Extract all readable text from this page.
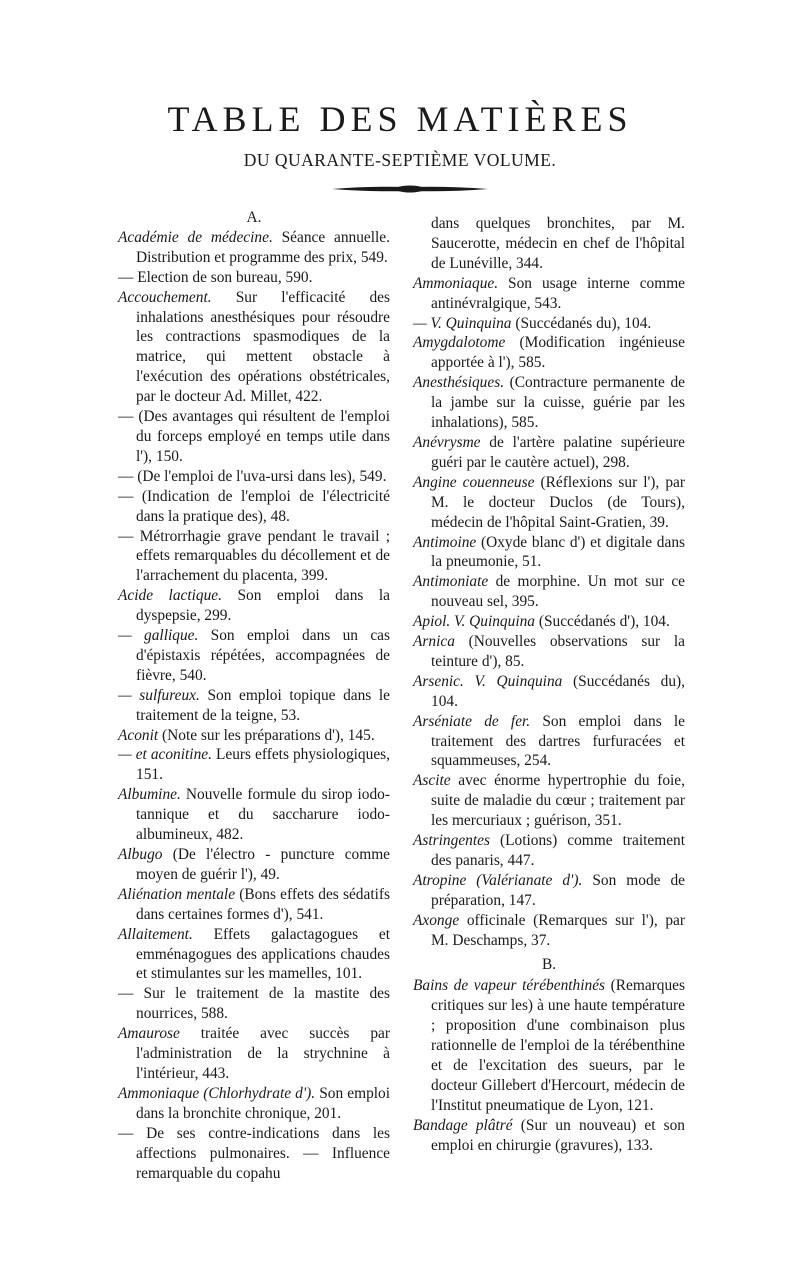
TABLE DES MATIÈRES
DU QUARANTE-SEPTIÈME VOLUME.

A.

Académie de médecine. Séance annuelle. Distribution et programme des prix, 549.

— Election de son bureau, 590.

Accouchement. Sur l'efficacité des inhalations anesthésiques pour résoudre les contractions spasmodiques de la matrice, qui mettent obstacle à l'exécution des opérations obstétricales, par le docteur Ad. Millet, 422.

— (Des avantages qui résultent de l'emploi du forceps employé en temps utile dans l'), 150.

— (De l'emploi de l'uva-ursi dans les), 549.

— (Indication de l'emploi de l'électricité dans la pratique des), 48.

— Métrorrhagie grave pendant le travail ; effets remarquables du décollement et de l'arrachement du placenta, 399.

Acide lactique. Son emploi dans la dyspepsie, 299.

— gallique. Son emploi dans un cas d'épistaxis répétées, accompagnées de fièvre, 540.

— sulfureux. Son emploi topique dans le traitement de la teigne, 53.

Aconit (Note sur les préparations d'), 145.

— et aconitine. Leurs effets physiologiques, 151.

Albumine. Nouvelle formule du sirop iodo-tannique et du saccharure iodo-albumineux, 482.

Albugo (De l'électro - puncture comme moyen de guérir l'), 49.

Aliénation mentale (Bons effets des sédatifs dans certaines formes d'), 541.

Allaitement. Effets galactagogues et emménagogues des applications chaudes et stimulantes sur les mamelles, 101.

— Sur le traitement de la mastite des nourrices, 588.

Amaurose traitée avec succès par l'administration de la strychnine à l'intérieur, 443.

Ammoniaque (Chlorhydrate d'). Son emploi dans la bronchite chronique, 201.

— De ses contre-indications dans les affections pulmonaires. — Influence remarquable du copahu

dans quelques bronchites, par M. Saucerotte, médecin en chef de l'hôpital de Lunéville, 344.

Ammoniaque. Son usage interne comme antinévralgique, 543.

— V. Quinquina (Succédanés du), 104.

Amygdalotome (Modification ingénieuse apportée à l'), 585.

Anesthésiques. (Contracture permanente de la jambe sur la cuisse, guérie par les inhalations), 585.

Anévrysme de l'artère palatine supérieure guéri par le cautère actuel), 298.

Angine couenneuse (Réflexions sur l'), par M. le docteur Duclos (de Tours), médecin de l'hôpital Saint-Gratien, 39.

Antimoine (Oxyde blanc d') et digitale dans la pneumonie, 51.

Antimoniate de morphine. Un mot sur ce nouveau sel, 395.

Apiol. V. Quinquina (Succédanés d'), 104.

Arnica (Nouvelles observations sur la teinture d'), 85.

Arsenic. V. Quinquina (Succédanés du), 104.

Arséniate de fer. Son emploi dans le traitement des dartres furfuracées et squammeuses, 254.

Ascite avec énorme hypertrophie du foie, suite de maladie du cœur ; traitement par les mercuriaux ; guérison, 351.

Astringentes (Lotions) comme traitement des panaris, 447.

Atropine (Valérianate d'). Son mode de préparation, 147.

Axonge officinale (Remarques sur l'), par M. Deschamps, 37.

B.

Bains de vapeur térébenthinés (Remarques critiques sur les) à une haute température ; proposition d'une combinaison plus rationnelle de l'emploi de la térébenthine et de l'excitation des sueurs, par le docteur Gillebert d'Hercourt, médecin de l'Institut pneumatique de Lyon, 121.

Bandage plâtré (Sur un nouveau) et son emploi en chirurgie (gravures), 133.
